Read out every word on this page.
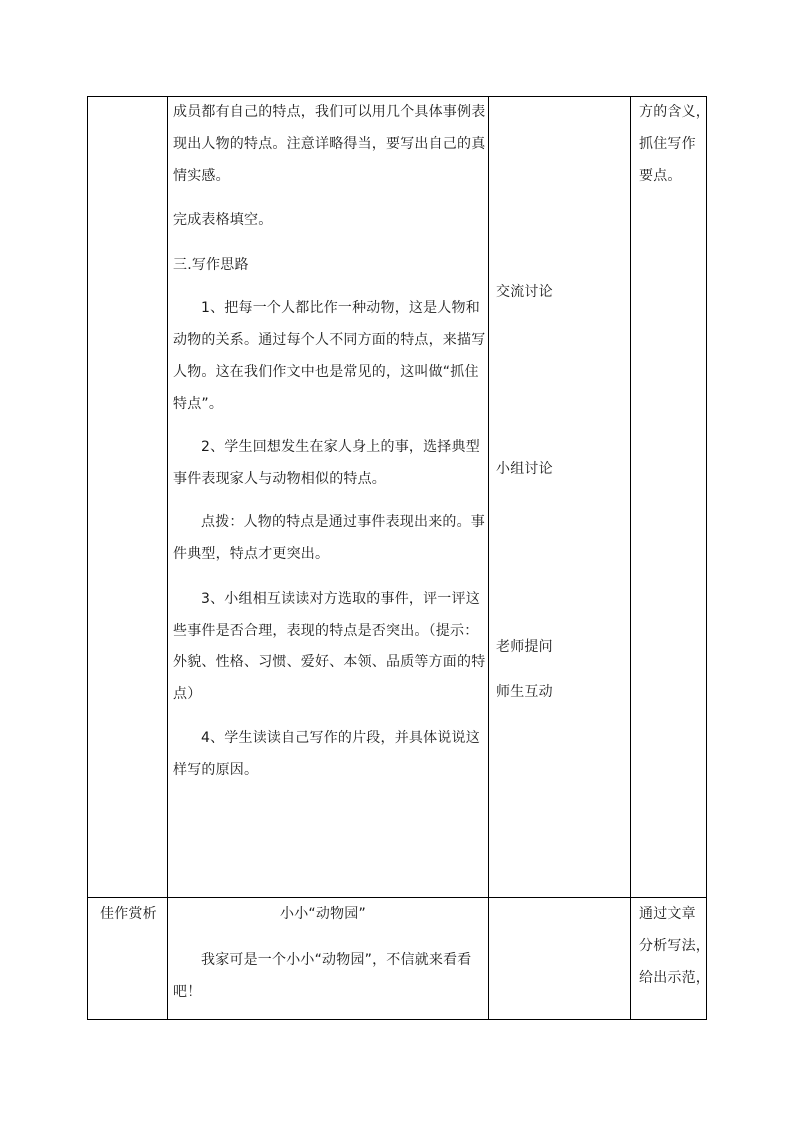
成员都有自己的特点，我们可以用几个具体事例表
现出人物的特点。注意详略得当，要写出自己的真
情实感。
完成表格填空。
三.写作思路
1、把每一个人都比作一种动物，这是人物和
动物的关系。通过每个人不同方面的特点，来描写
人物。这在我们作文中也是常见的，这叫做“抓住
特点”。
2、学生回想发生在家人身上的事，选择典型
事件表现家人与动物相似的特点。
点拨：人物的特点是通过事件表现出来的。事
件典型，特点才更突出。
3、小组相互读读对方选取的事件，评一评这
些事件是否合理，表现的特点是否突出。（提示：
外貌、性格、习惯、爱好、本领、品质等方面的特
点）
4、学生读读自己写作的片段，并具体说说这
样写的原因。
交流讨论
小组讨论
老师提问
师生互动
方的含义，
抓住写作
要点。
佳作赏析	小小“动物园”
我家可是一个小小“动物园”，不信就来看看
吧！
通过文章
分析写法，
给出示范，
